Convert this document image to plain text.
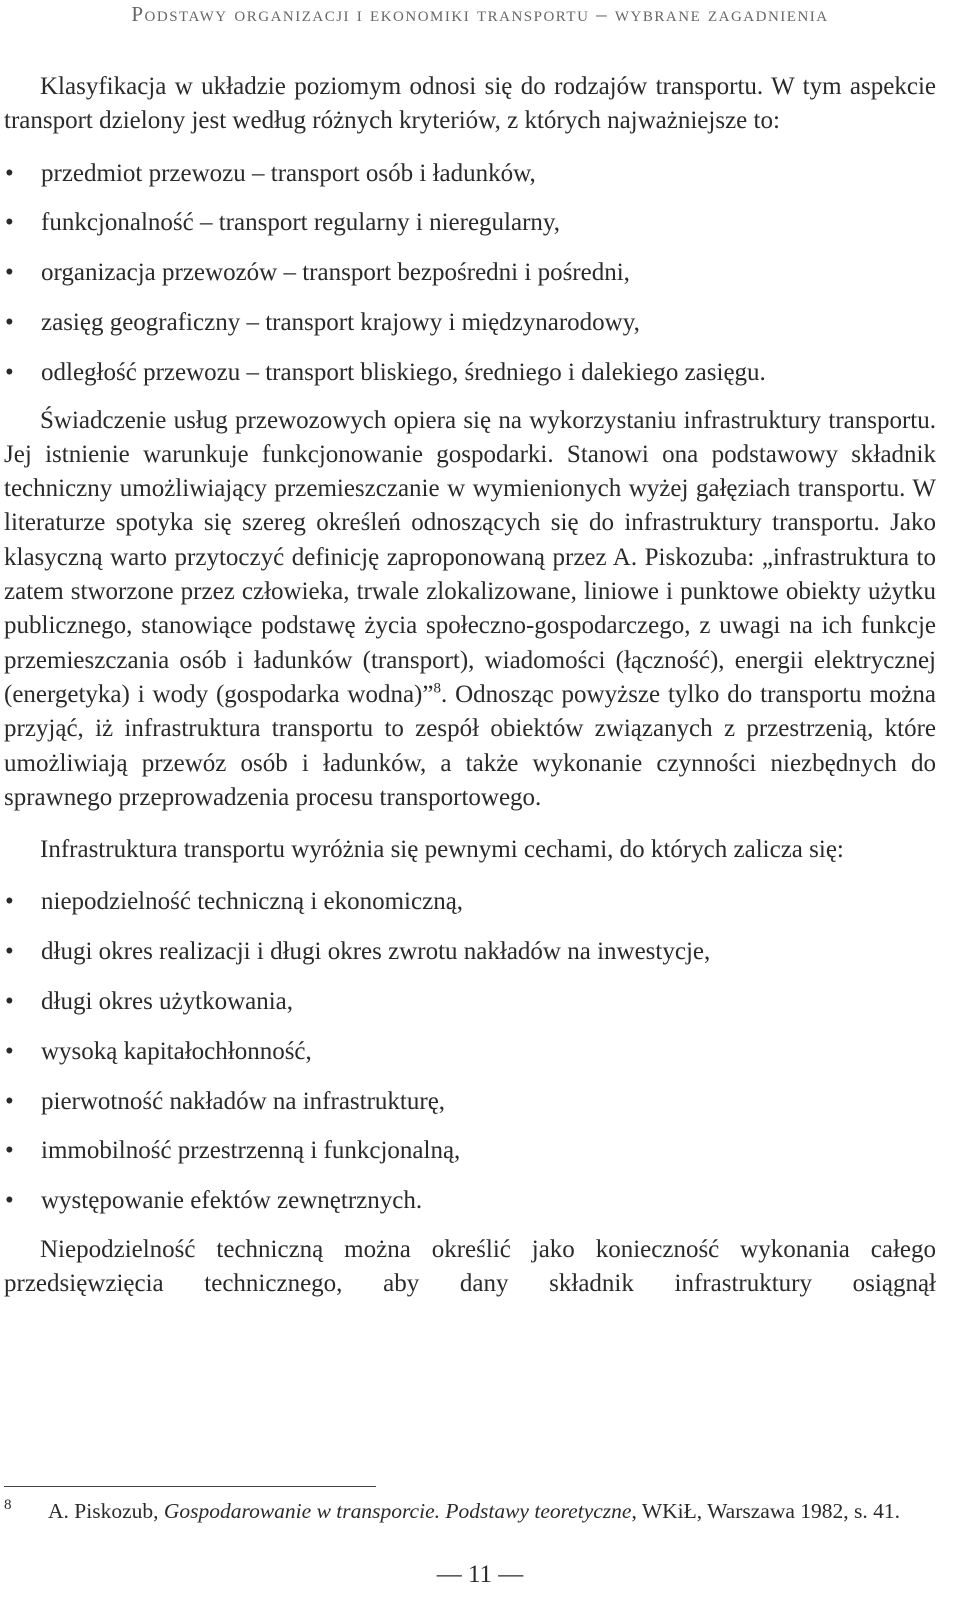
Podstawy organizacji i ekonomiki transportu – wybrane zagadnienia

Klasyfikacja w układzie poziomym odnosi się do rodzajów transportu. W tym aspekcie transport dzielony jest według różnych kryteriów, z których najważniejsze to:

• przedmiot przewozu – transport osób i ładunków,
• funkcjonalność – transport regularny i nieregularny,
• organizacja przewozów – transport bezpośredni i pośredni,
• zasięg geograficzny – transport krajowy i międzynarodowy,
• odległość przewozu – transport bliskiego, średniego i dalekiego zasięgu.

Świadczenie usług przewozowych opiera się na wykorzystaniu infrastruktury transportu. Jej istnienie warunkuje funkcjonowanie gospodarki. Stanowi ona podstawowy składnik techniczny umożliwiający przemieszczanie w wymienionych wyżej gałęziach transportu. W literaturze spotyka się szereg określeń odnoszących się do infrastruktury transportu. Jako klasyczną warto przytoczyć definicję zaproponowaną przez A. Piskozuba: „infrastruktura to zatem stworzone przez człowieka, trwale zlokalizowane, liniowe i punktowe obiekty użytku publicznego, stanowiące podstawę życia społeczno-gospodarczego, z uwagi na ich funkcje przemieszczania osób i ładunków (transport), wiadomości (łączność), energii elektrycznej (energetyka) i wody (gospodarka wodna)”$^8$. Odnosząc powyższe tylko do transportu można przyjąć, iż infrastruktura transportu to zespół obiektów związanych z przestrzenią, które umożliwiają przewóz osób i ładunków, a także wykonanie czynności niezbędnych do sprawnego przeprowadzenia procesu transportowego.

Infrastruktura transportu wyróżnia się pewnymi cechami, do których zalicza się:

• niepodzielność techniczną i ekonomiczną,
• długi okres realizacji i długi okres zwrotu nakładów na inwestycje,
• długi okres użytkowania,
• wysoką kapitałochłonność,
• pierwotność nakładów na infrastrukturę,
• immobilność przestrzenną i funkcjonalną,
• występowanie efektów zewnętrznych.

Niepodzielność techniczną można określić jako konieczność wykonania całego przedsięwzięcia technicznego, aby dany składnik infrastruktury osiągnął

8 A. Piskozub, Gospodarowanie w transporcie. Podstawy teoretyczne, WKiŁ, Warszawa 1982, s. 41.
— 11 —
